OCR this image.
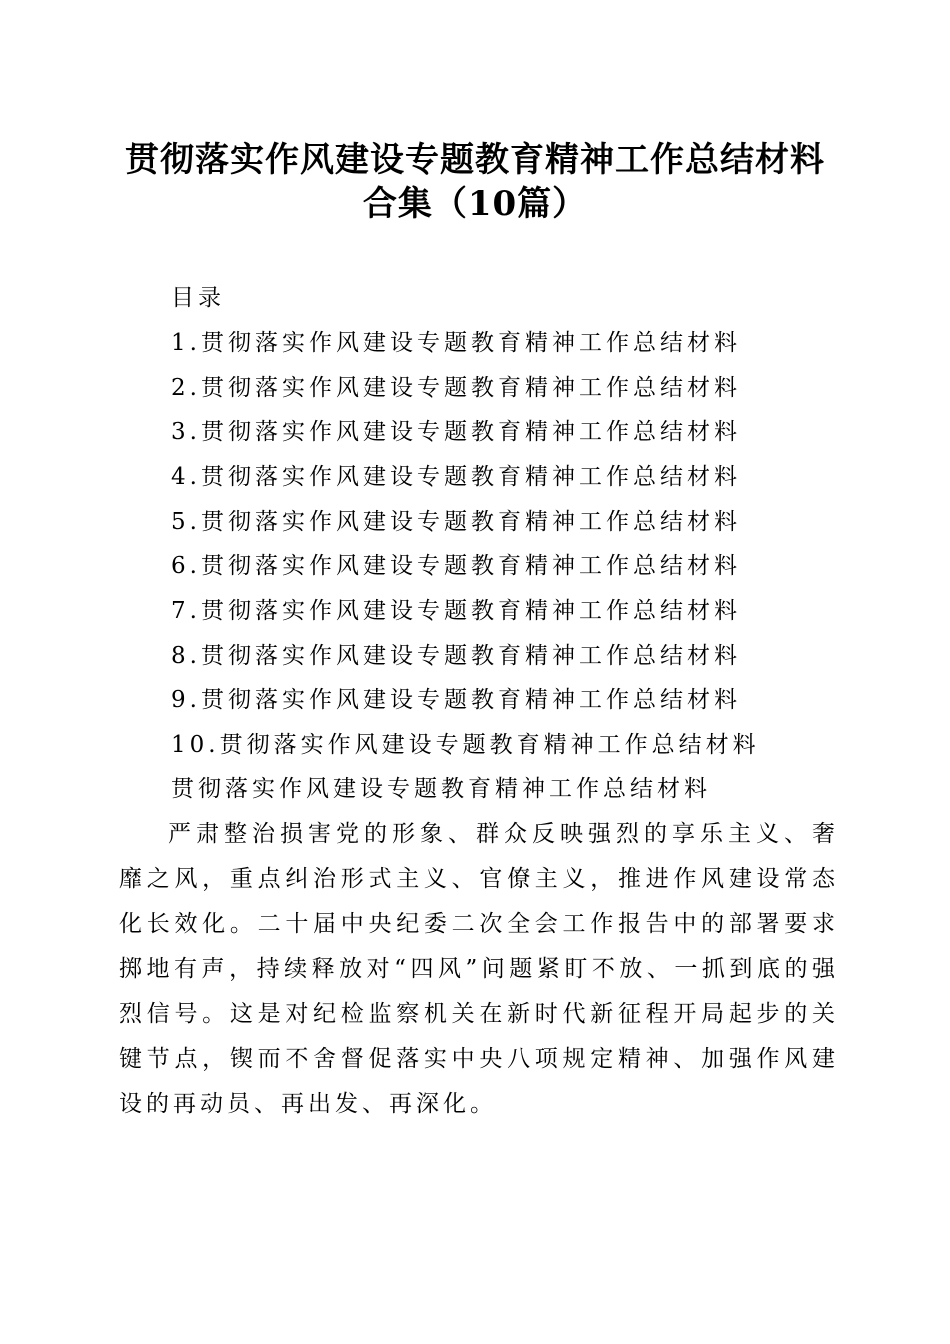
贯彻落实作风建设专题教育精神工作总结材料
合集（10篇）
目录
1.贯彻落实作风建设专题教育精神工作总结材料
2.贯彻落实作风建设专题教育精神工作总结材料
3.贯彻落实作风建设专题教育精神工作总结材料
4.贯彻落实作风建设专题教育精神工作总结材料
5.贯彻落实作风建设专题教育精神工作总结材料
6.贯彻落实作风建设专题教育精神工作总结材料
7.贯彻落实作风建设专题教育精神工作总结材料
8.贯彻落实作风建设专题教育精神工作总结材料
9.贯彻落实作风建设专题教育精神工作总结材料
10.贯彻落实作风建设专题教育精神工作总结材料
贯彻落实作风建设专题教育精神工作总结材料

严肃整治损害党的形象、群众反映强烈的享乐主义、奢靡之风，重点纠治形式主义、官僚主义，推进作风建设常态化长效化。二十届中央纪委二次全会工作报告中的部署要求掷地有声，持续释放对“四风”问题紧盯不放、一抓到底的强烈信号。这是对纪检监察机关在新时代新征程开局起步的关键节点，锲而不舍督促落实中央八项规定精神、加强作风建设的再动员、再出发、再深化。
